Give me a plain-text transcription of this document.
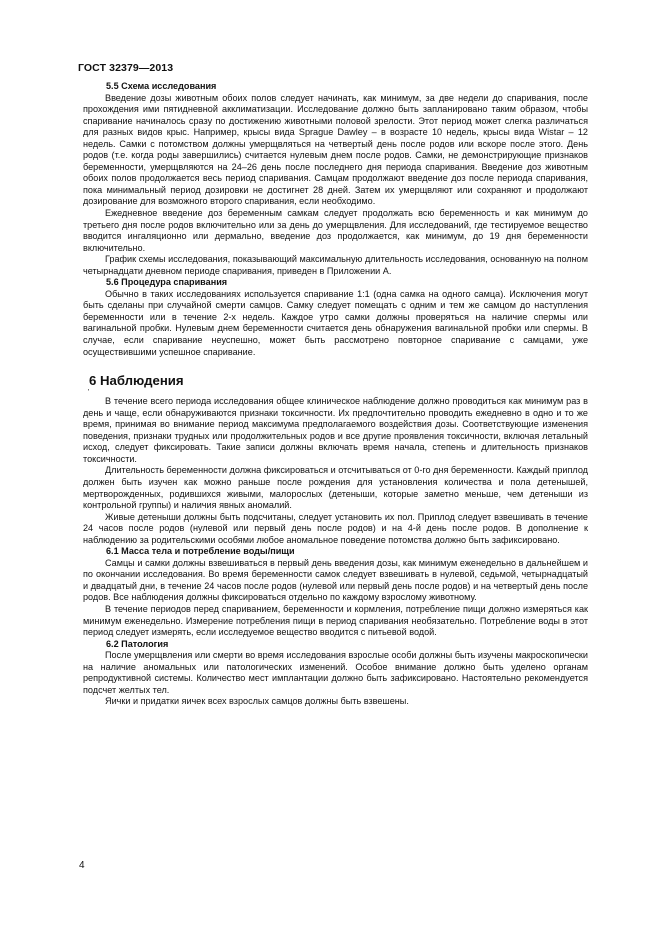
ГОСТ 32379—2013
5.5 Схема исследования

Введение дозы животным обоих полов следует начинать, как минимум, за две недели до спаривания, после прохождения ими пятидневной акклиматизации. Исследование должно быть запланировано таким образом, чтобы спаривание начиналось сразу по достижению животными половой зрелости. Этот период может слегка различаться для разных видов крыс. Например, крысы вида Sprague Dawley – в возрасте 10 недель, крысы вида Wistar – 12 недель. Самки с потомством должны умерщвляться на четвертый день после родов или вскоре после этого. День родов (т.е. когда роды завершились) считается нулевым днем после родов. Самки, не демонстрирующие признаков беременности, умерщвляются на 24–26 день после последнего дня периода спаривания. Введение доз животным обоих полов продолжается весь период спаривания. Самцам продолжают введение доз после периода спаривания, пока минимальный период дозировки не достигнет 28 дней. Затем их умерщвляют или сохраняют и продолжают дозирование для возможного второго спаривания, если необходимо.

Ежедневное введение доз беременным самкам следует продолжать всю беременность и как минимум до третьего дня после родов включительно или за день до умерщвления. Для исследований, где тестируемое вещество вводится ингаляционно или дермально, введение доз продолжается, как минимум, до 19 дня беременности включительно.

График схемы исследования, показывающий максимальную длительность исследования, основанную на полном четырнадцати дневном периоде спаривания, приведен в Приложении А.

5.6 Процедура спаривания

Обычно в таких исследованиях используется спаривание 1:1 (одна самка на одного самца). Исключения могут быть сделаны при случайной смерти самцов. Самку следует помещать с одним и тем же самцом до наступления беременности или в течение 2-х недель. Каждое утро самки должны проверяться на наличие спермы или вагинальной пробки. Нулевым днем беременности считается день обнаружения вагинальной пробки или спермы. В случае, если спаривание неуспешно, может быть рассмотрено повторное спаривание с самцами, уже осуществившими успешное спаривание.

6 Наблюдения
'

В течение всего периода исследования общее клиническое наблюдение должно проводиться как минимум раз в день и чаще, если обнаруживаются признаки токсичности. Их предпочтительно проводить ежедневно в одно и то же время, принимая во внимание период максимума предполагаемого воздействия дозы. Соответствующие изменения поведения, признаки трудных или продолжительных родов и все другие проявления токсичности, включая летальный исход, следует фиксировать. Такие записи должны включать время начала, степень и длительность признаков токсичности.

Длительность беременности должна фиксироваться и отсчитываться от 0-го дня беременности. Каждый приплод должен быть изучен как можно раньше после рождения для установления количества и пола детенышей, мертворожденных, родившихся живыми, малорослых (детеныши, которые заметно меньше, чем детеныши из контрольной группы) и наличия явных аномалий.

Живые детеныши должны быть подсчитаны, следует установить их пол. Приплод следует взвешивать в течение 24 часов после родов (нулевой или первый день после родов) и на 4-й день после родов. В дополнение к наблюдению за родительскими особями любое аномальное поведение потомства должно быть зафиксировано.

6.1 Масса тела и потребление воды/пищи

Самцы и самки должны взвешиваться в первый день введения дозы, как минимум еженедельно в дальнейшем и по окончании исследования. Во время беременности самок следует взвешивать в нулевой, седьмой, четырнадцатый и двадцатый дни, в течение 24 часов после родов (нулевой или первый день после родов) и на четвертый день после родов. Все наблюдения должны фиксироваться отдельно по каждому взрослому животному.

В течение периодов перед спариванием, беременности и кормления, потребление пищи должно измеряться как минимум еженедельно. Измерение потребления пищи в период спаривания необязательно. Потребление воды в этот период следует измерять, если исследуемое вещество вводится с питьевой водой.

6.2 Патология

После умерщвления или смерти во время исследования взрослые особи должны быть изучены макроскопически на наличие аномальных или патологических изменений. Особое внимание должно быть уделено органам репродуктивной системы. Количество мест имплантации должно быть зафиксировано. Настоятельно рекомендуется подсчет желтых тел.

Яички и придатки яичек всех взрослых самцов должны быть взвешены.

4
